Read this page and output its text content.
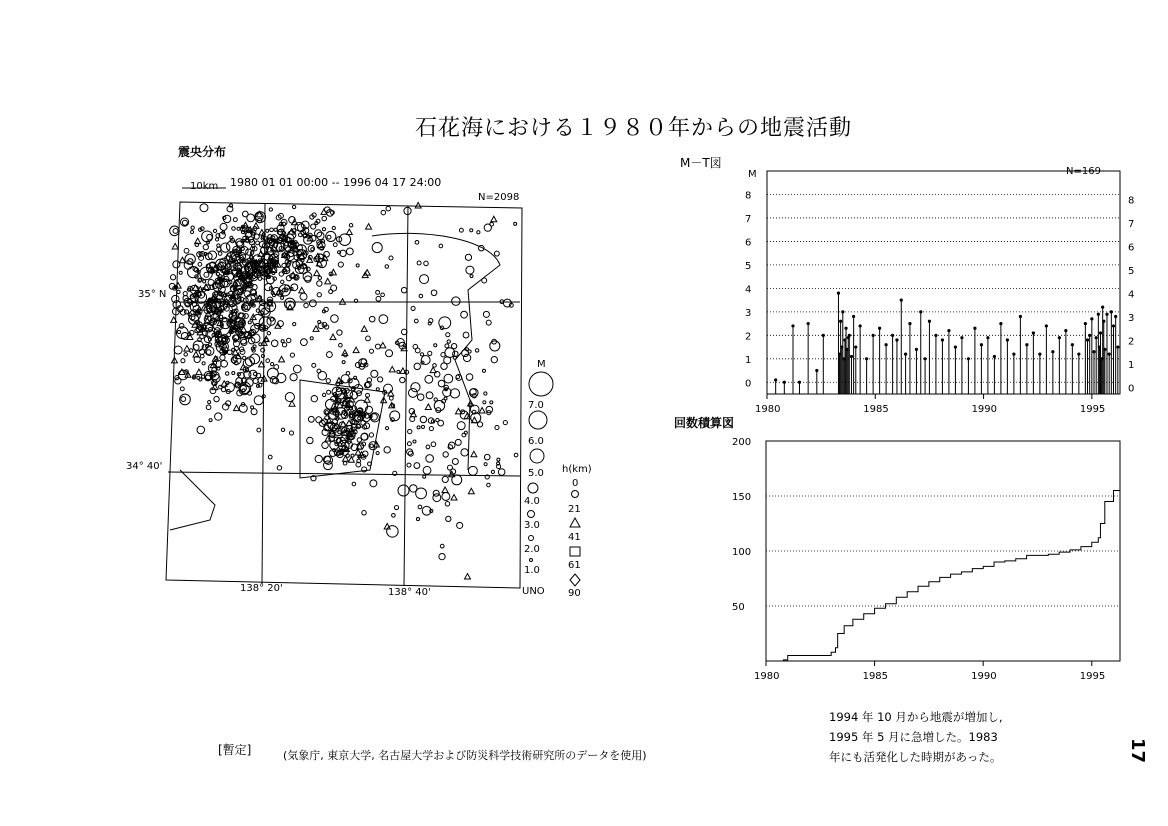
石花海における１９８０年からの地震活動
震央分布
1980 01 01 00:00 -- 1996 04 17 24:00
10km
N=2098
35° N
34° 40'
138° 20'	138° 40'
M－T図
回数積算図
[暫定]	(気象庁, 東京大学, 名古屋大学および防災科学技術研究所のデータを使用)
1994 年 10 月から地震が増加し,
1995 年 5 月に急増した。1983
年にも活発化した時期があった。	17
M
7.0
6.0
5.0
4.0
3.0
2.0
1.0
UNO
h(km)
0
21
41
61
90
M	N=169
0	0
1	1
2	2
3	3
4	4
5	5
6	6
7	7
8	8
1980	1985	1990	1995
50
100
150
200
1980	1985	1990	1995
